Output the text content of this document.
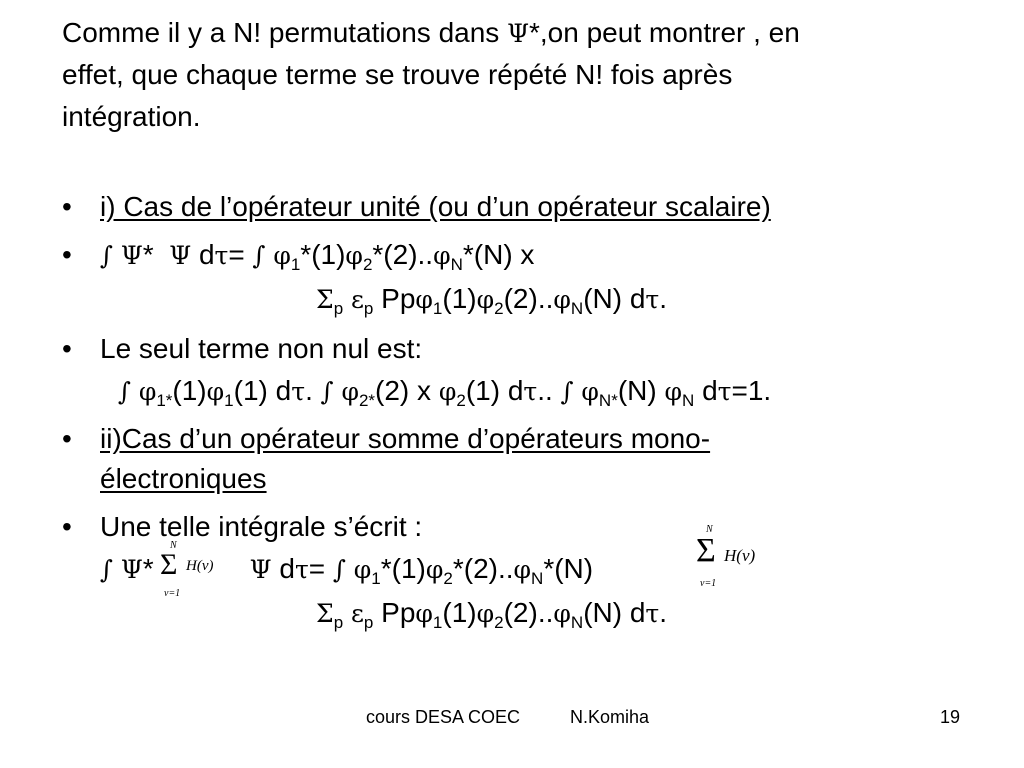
Comme il y a N! permutations dans Ψ*,on peut montrer , en
effet, que chaque terme se trouve répété N! fois après
intégration.
• i) Cas de l’opérateur unité (ou d’un opérateur scalaire)
• ∫ Ψ* Ψ dτ= ∫ $\varphi_1*(1)\varphi_2*(2)..\varphi_N*(N)$ x
$\Sigma_p$ $\varepsilon_p$ $Pp\varphi_1(1)\varphi_2(2)..\varphi_N(N)$ dτ.
• Le seul terme non nul est:
∫ $\varphi_{1*}(1)\varphi_1(1)$ dτ. ∫ $\varphi_{2*}(2)$ x $\varphi_2(1)$ dτ.. ∫ $\varphi_{N*}(N)$ $\varphi_N$ dτ=1.
• ii)Cas d’un opérateur somme d’opérateurs mono-
électroniques
• Une telle intégrale s’écrit :	N
Σ H(ν)
ν=1
∫ Ψ*	Ψ dτ= ∫ $\varphi_1*(1)\varphi_2*(2)..\varphi_N*(N)$
N
Σ H(ν)
ν=1
$\Sigma_p$ $\varepsilon_p$ $Pp\varphi_1(1)\varphi_2(2)..\varphi_N(N)$ dτ.
cours DESA COEC	N.Komiha	19
